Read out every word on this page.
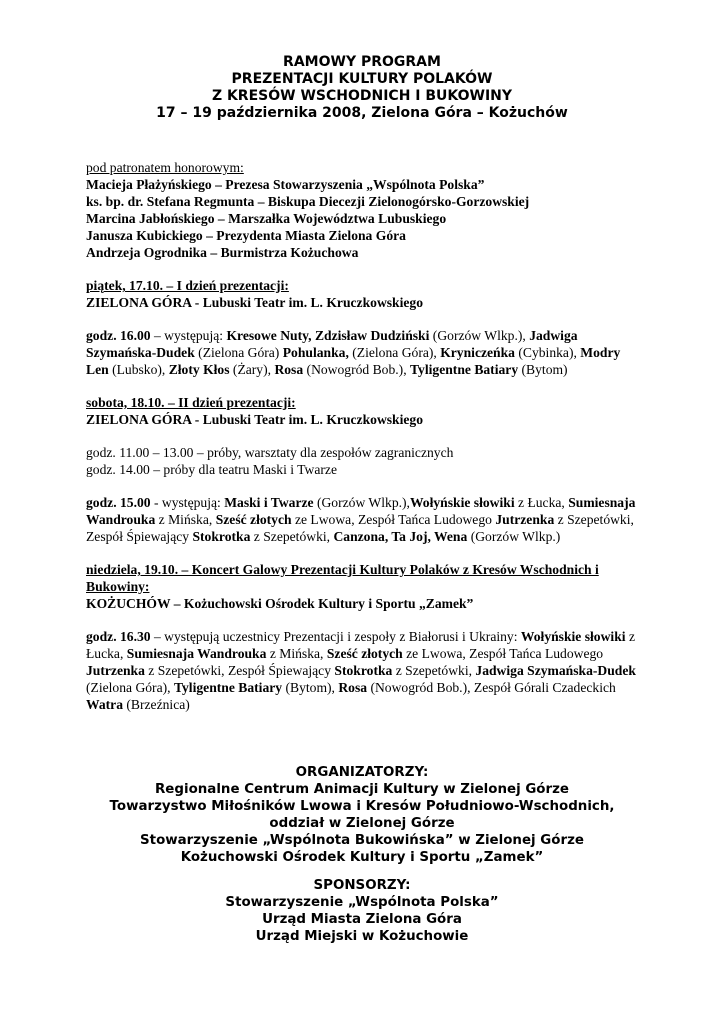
RAMOWY PROGRAM
PREZENTACJI KULTURY POLAKÓW
Z KRESÓW WSCHODNICH I BUKOWINY
17 – 19 października 2008, Zielona Góra – Kożuchów

pod patronatem honorowym:

Macieja Płażyńskiego – Prezesa Stowarzyszenia „Wspólnota Polska”

ks. bp. dr. Stefana Regmunta – Biskupa Diecezji Zielonogórsko-Gorzowskiej

Marcina Jabłońskiego – Marszałka Województwa Lubuskiego

Janusza Kubickiego – Prezydenta Miasta Zielona Góra

Andrzeja Ogrodnika – Burmistrza Kożuchowa

piątek, 17.10. – I dzień prezentacji:

ZIELONA GÓRA - Lubuski Teatr im. L. Kruczkowskiego

godz. 16.00 – występują: Kresowe Nuty, Zdzisław Dudziński (Gorzów Wlkp.), Jadwiga Szymańska-Dudek (Zielona Góra) Pohulanka, (Zielona Góra), Kryniczeńka (Cybinka), Modry Len (Lubsko), Złoty Kłos (Żary), Rosa (Nowogród Bob.), Tyligentne Batiary (Bytom)

sobota, 18.10. – II dzień prezentacji:

ZIELONA GÓRA - Lubuski Teatr im. L. Kruczkowskiego

godz. 11.00 – 13.00 – próby, warsztaty dla zespołów zagranicznych

godz. 14.00 – próby dla teatru Maski i Twarze

godz. 15.00 - występują: Maski i Twarze (Gorzów Wlkp.),Wołyńskie słowiki z Łucka, Sumiesnaja Wandrouka z Mińska, Sześć złotych ze Lwowa, Zespół Tańca Ludowego Jutrzenka z Szepetówki, Zespół Śpiewający Stokrotka z Szepetówki, Canzona, Ta Joj, Wena (Gorzów Wlkp.)

niedziela, 19.10. – Koncert Galowy Prezentacji Kultury Polaków z Kresów Wschodnich i Bukowiny:

KOŻUCHÓW – Kożuchowski Ośrodek Kultury i Sportu „Zamek”

godz. 16.30 – występują uczestnicy Prezentacji i zespoły z Białorusi i Ukrainy: Wołyńskie słowiki z Łucka, Sumiesnaja Wandrouka z Mińska, Sześć złotych ze Lwowa, Zespół Tańca Ludowego Jutrzenka z Szepetówki, Zespół Śpiewający Stokrotka z Szepetówki, Jadwiga Szymańska-Dudek (Zielona Góra), Tyligentne Batiary (Bytom), Rosa (Nowogród Bob.), Zespół Górali Czadeckich Watra (Brzeźnica)

ORGANIZATORZY:
Regionalne Centrum Animacji Kultury w Zielonej Górze
Towarzystwo Miłośników Lwowa i Kresów Południowo-Wschodnich,
oddział w Zielonej Górze
Stowarzyszenie „Wspólnota Bukowińska” w Zielonej Górze
Kożuchowski Ośrodek Kultury i Sportu „Zamek”
SPONSORZY:
Stowarzyszenie „Wspólnota Polska”
Urząd Miasta Zielona Góra
Urząd Miejski w Kożuchowie
